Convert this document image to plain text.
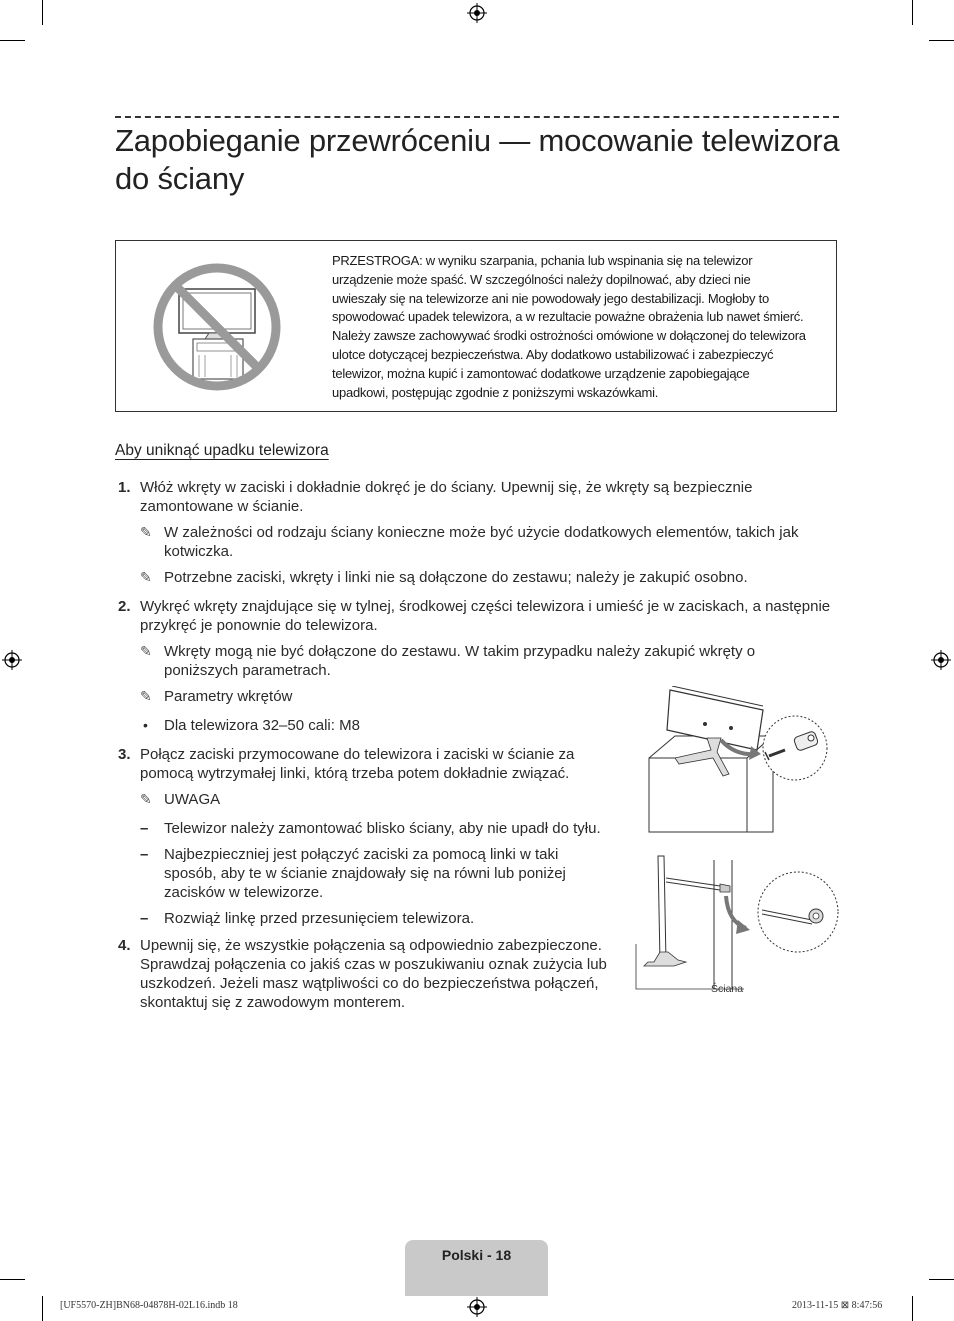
Zapobieganie przewróceniu — mocowanie telewizora do ściany
PRZESTROGA: w wyniku szarpania, pchania lub wspinania się na telewizor urządzenie może spaść. W szczególności należy dopilnować, aby dzieci nie uwieszały się na telewizorze ani nie powodowały jego destabilizacji. Mogłoby to spowodować upadek telewizora, a w rezultacie poważne obrażenia lub nawet śmierć. Należy zawsze zachowywać środki ostrożności omówione w dołączonej do telewizora ulotce dotyczącej bezpieczeństwa. Aby dodatkowo ustabilizować i zabezpieczyć telewizor, można kupić i zamontować dodatkowe urządzenie zapobiegające upadkowi, postępując zgodnie z poniższymi wskazówkami.
Aby uniknąć upadku telewizora
1. Włóż wkręty w zaciski i dokładnie dokręć je do ściany. Upewnij się, że wkręty są bezpiecznie zamontowane w ścianie.
✎ W zależności od rodzaju ściany konieczne może być użycie dodatkowych elementów, takich jak kotwiczka.
✎ Potrzebne zaciski, wkręty i linki nie są dołączone do zestawu; należy je zakupić osobno.
2. Wykręć wkręty znajdujące się w tylnej, środkowej części telewizora i umieść je w zaciskach, a następnie przykręć je ponownie do telewizora.
✎ Wkręty mogą nie być dołączone do zestawu. W takim przypadku należy zakupić wkręty o poniższych parametrach.
✎ Parametry wkrętów
• Dla telewizora 32–50 cali: M8
3. Połącz zaciski przymocowane do telewizora i zaciski w ścianie za pomocą wytrzymałej linki, którą trzeba potem dokładnie związać.
✎ UWAGA
– Telewizor należy zamontować blisko ściany, aby nie upadł do tyłu.
– Najbezpieczniej jest połączyć zaciski za pomocą linki w taki sposób, aby te w ścianie znajdowały się na równi lub poniżej zacisków w telewizorze.
– Rozwiąż linkę przed przesunięciem telewizora.
4. Upewnij się, że wszystkie połączenia są odpowiednio zabezpieczone. Sprawdzaj połączenia co jakiś czas w poszukiwaniu oznak zużycia lub uszkodzeń. Jeżeli masz wątpliwości co do bezpieczeństwa połączeń, skontaktuj się z zawodowym monterem.
Ściana
Polski - 18
[UF5570-ZH]BN68-04878H-02L16.indb 18	2013-11-15 ⊠ 8:47:56
